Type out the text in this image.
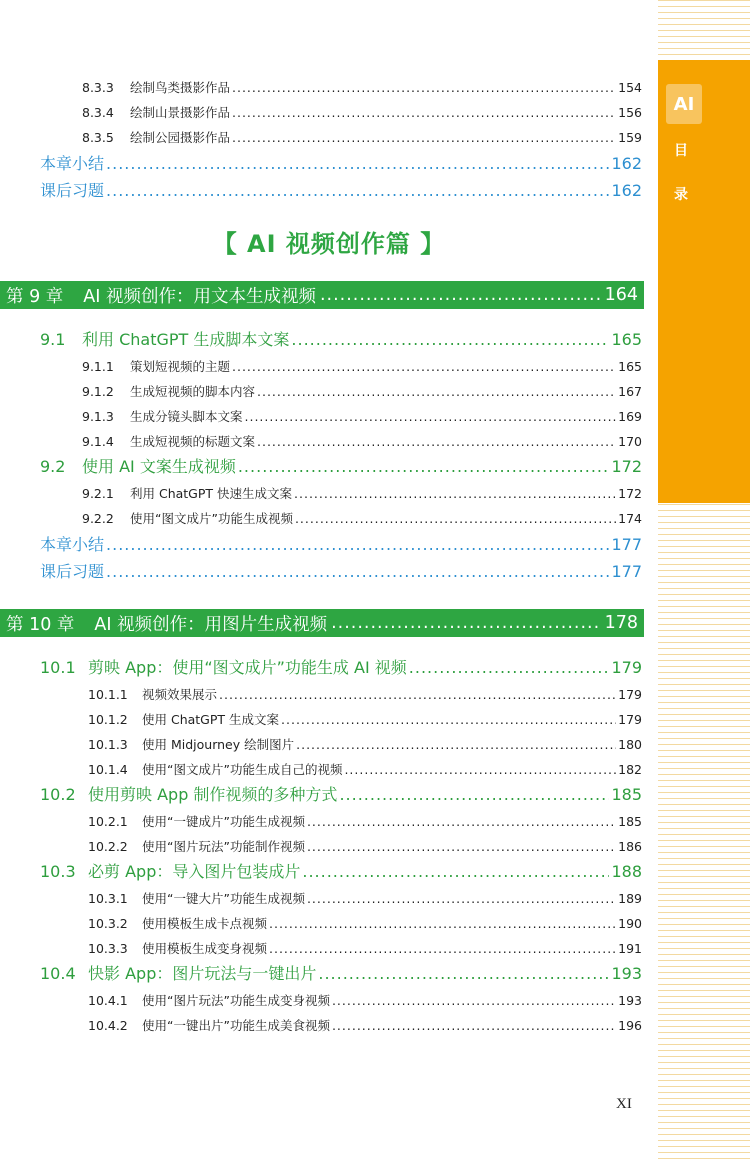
AI
目
录
8.3.3	绘制鸟类摄影作品 .....	154
8.3.4	绘制山景摄影作品 .....	156
8.3.5	绘制公园摄影作品 .....	159
本章小结 .....	162
课后习题 .....	162
【 AI 视频创作篇 】
第 9 章 AI 视频创作：用文本生成视频 .....	164
9.1	利用 ChatGPT 生成脚本文案 .....	165
9.1.1	策划短视频的主题 .....	165
9.1.2	生成短视频的脚本内容 .....	167
9.1.3	生成分镜头脚本文案 .....	169
9.1.4	生成短视频的标题文案 .....	170
9.2	使用 AI 文案生成视频 .....	172
9.2.1	利用 ChatGPT 快速生成文案 .....	172
9.2.2	使用“图文成片”功能生成视频 .....	174
本章小结 .....	177
课后习题 .....	177
第 10 章 AI 视频创作：用图片生成视频 .....	178
10.1 剪映 App：使用“图文成片”功能生成 AI 视频 .....	179
10.1.1	视频效果展示 .....	179
10.1.2	使用 ChatGPT 生成文案 .....	179
10.1.3	使用 Midjourney 绘制图片 .....	180
10.1.4	使用“图文成片”功能生成自己的视频 .....	182
10.2 使用剪映 App 制作视频的多种方式 .....	185
10.2.1	使用“一键成片”功能生成视频 .....	185
10.2.2	使用“图片玩法”功能制作视频 .....	186
10.3 必剪 App：导入图片包装成片 .....	188
10.3.1	使用“一键大片”功能生成视频 .....	189
10.3.2	使用模板生成卡点视频 .....	190
10.3.3	使用模板生成变身视频 .....	191
10.4 快影 App：图片玩法与一键出片 .....	193
10.4.1	使用“图片玩法”功能生成变身视频 .....	193
10.4.2	使用“一键出片”功能生成美食视频 .....	196
XI
